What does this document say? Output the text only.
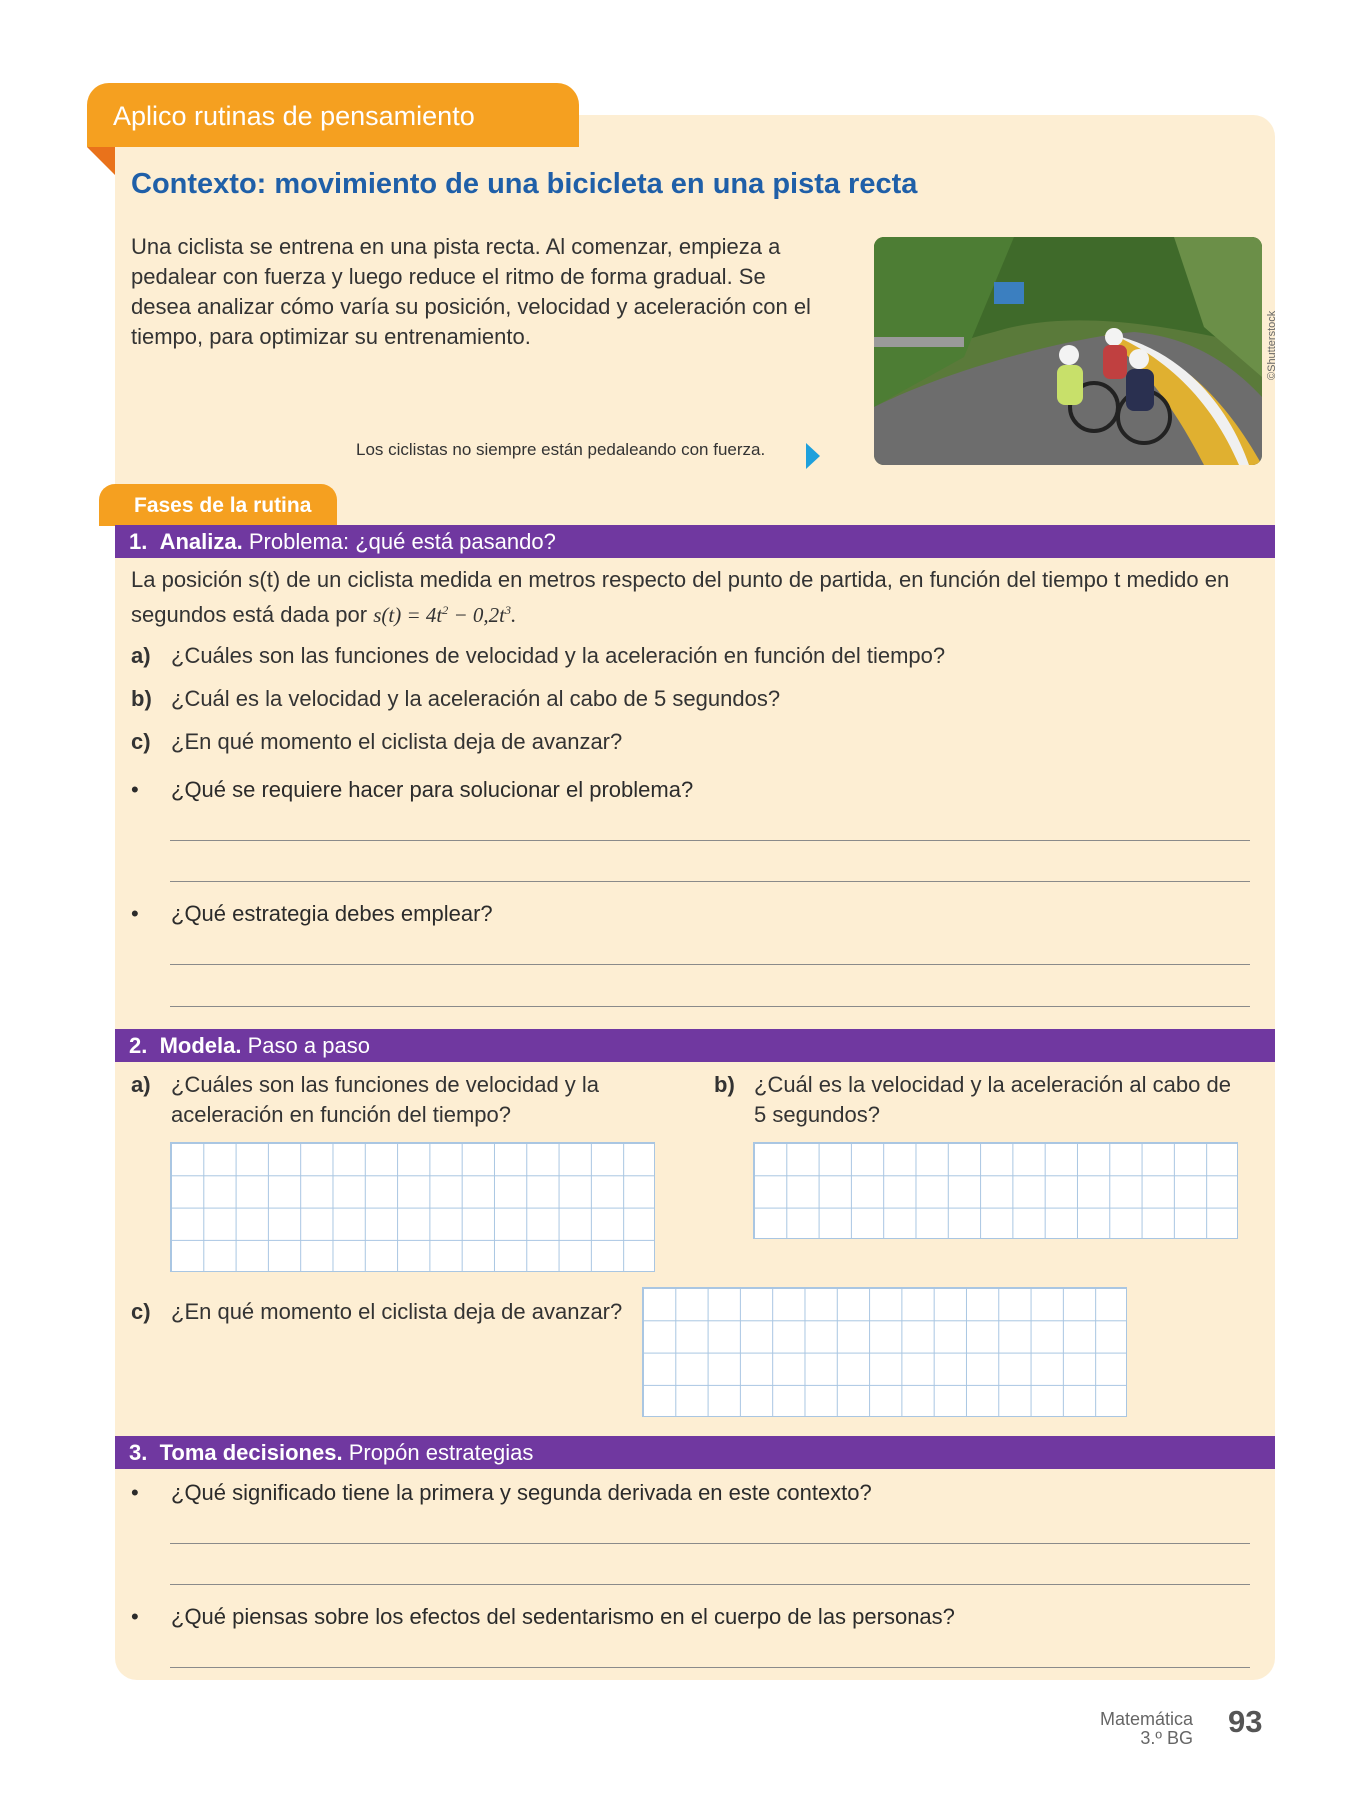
Aplico rutinas de pensamiento
Contexto: movimiento de una bicicleta en una pista recta
Una ciclista se entrena en una pista recta. Al comenzar, empieza a pedalear con fuerza y luego reduce el ritmo de forma gradual. Se desea analizar cómo varía su posición, velocidad y aceleración con el tiempo, para optimizar su entrenamiento.	©Shutterstock
Los ciclistas no siempre están pedaleando con fuerza.
Fases de la rutina
1. Analiza. Problema: ¿qué está pasando?
La posición s(t) de un ciclista medida en metros respecto del punto de partida, en función del tiempo t medido en segundos está dada por $s(t) = 4t^2 - 0,2t^3$.
a) ¿Cuáles son las funciones de velocidad y la aceleración en función del tiempo?
b) ¿Cuál es la velocidad y la aceleración al cabo de 5 segundos?
c) ¿En qué momento el ciclista deja de avanzar?
• ¿Qué se requiere hacer para solucionar el problema?
• ¿Qué estrategia debes emplear?
2. Modela. Paso a paso
a) ¿Cuáles son las funciones de velocidad y la
aceleración en función del tiempo?
b) ¿Cuál es la velocidad y la aceleración al cabo de
5 segundos?
c) ¿En qué momento el ciclista deja de avanzar?
3. Toma decisiones. Propón estrategias
• ¿Qué significado tiene la primera y segunda derivada en este contexto?
• ¿Qué piensas sobre los efectos del sedentarismo en el cuerpo de las personas?
Matemática
3.º BG 93
